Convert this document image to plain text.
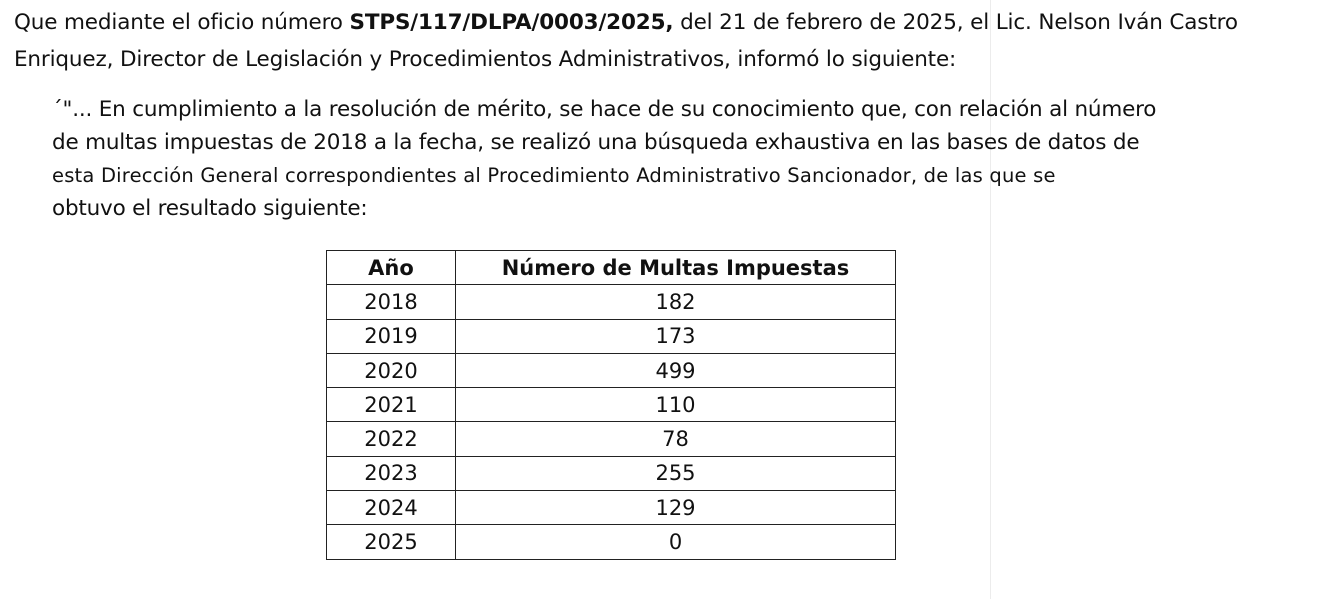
Que mediante el oficio número STPS/117/DLPA/0003/2025, del 21 de febrero de 2025, el Lic. Nelson Iván Castro Enriquez, Director de Legislación y Procedimientos Administrativos, informó lo siguiente:
´"... En cumplimiento a la resolución de mérito, se hace de su conocimiento que, con relación al número
de multas impuestas de 2018 a la fecha, se realizó una búsqueda exhaustiva en las bases de datos de
esta Dirección General correspondientes al Procedimiento Administrativo Sancionador, de las que se
obtuvo el resultado siguiente:
Año	Número de Multas Impuestas
2018	182
2019	173
2020	499
2021	110
2022	78
2023	255
2024	129
2025	0
